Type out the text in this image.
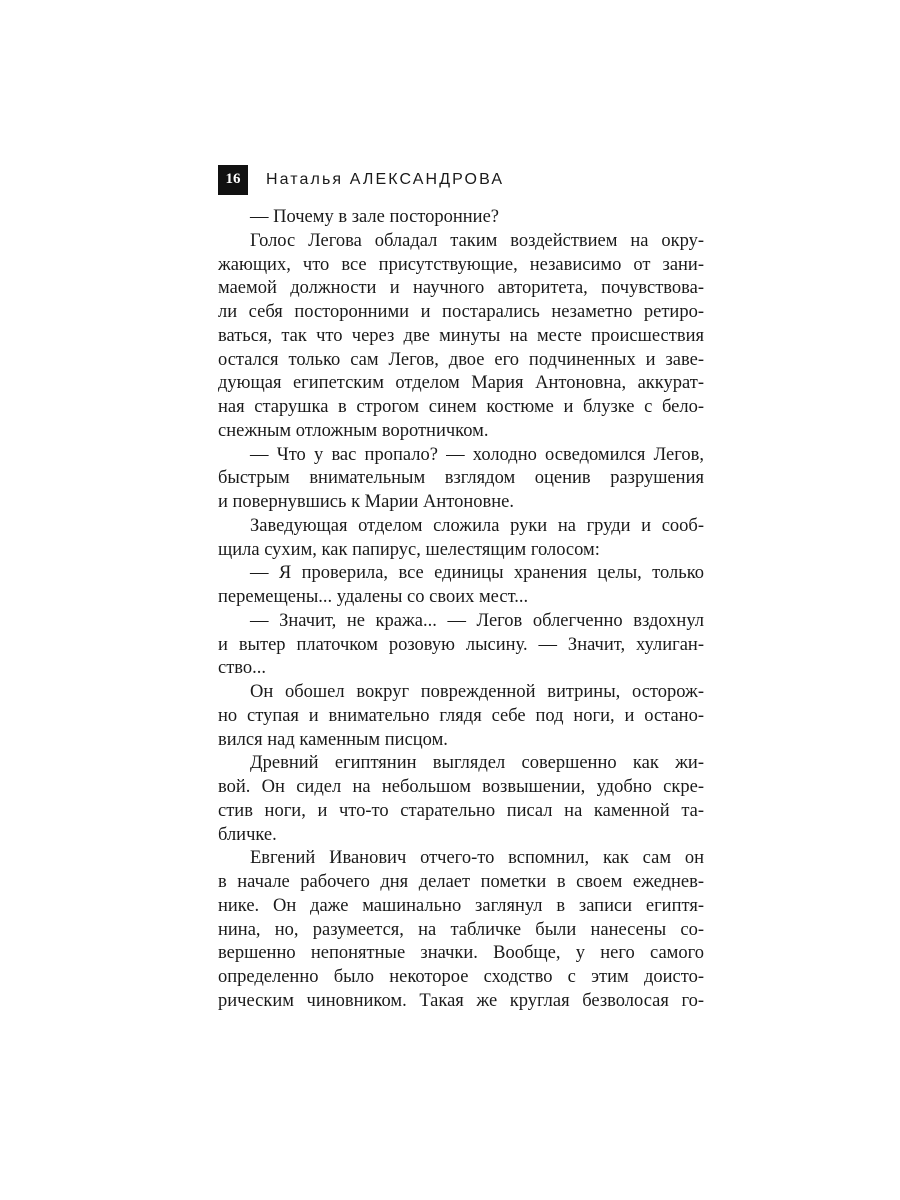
16	Наталья АЛЕКСАНДРОВА
— Почему в зале посторонние?
Голос Легова обладал таким воздействием на окру-
жающих, что все присутствующие, независимо от зани-
маемой должности и научного авторитета, почувствова-
ли себя посторонними и постарались незаметно ретиро-
ваться, так что через две минуты на месте происшествия
остался только сам Легов, двое его подчиненных и заве-
дующая египетским отделом Мария Антоновна, аккурат-
ная старушка в строгом синем костюме и блузке с бело-
снежным отложным воротничком.
— Что у вас пропало? — холодно осведомился Легов,
быстрым внимательным взглядом оценив разрушения
и повернувшись к Марии Антоновне.
Заведующая отделом сложила руки на груди и сооб-
щила сухим, как папирус, шелестящим голосом:
— Я проверила, все единицы хранения целы, только
перемещены... удалены со своих мест...
— Значит, не кража... — Легов облегченно вздохнул
и вытер платочком розовую лысину. — Значит, хулиган-
ство...
Он обошел вокруг поврежденной витрины, осторож-
но ступая и внимательно глядя себе под ноги, и остано-
вился над каменным писцом.
Древний египтянин выглядел совершенно как жи-
вой. Он сидел на небольшом возвышении, удобно скре-
стив ноги, и что-то старательно писал на каменной та-
бличке.
Евгений Иванович отчего-то вспомнил, как сам он
в начале рабочего дня делает пометки в своем ежеднев-
нике. Он даже машинально заглянул в записи египтя-
нина, но, разумеется, на табличке были нанесены со-
вершенно непонятные значки. Вообще, у него самого
определенно было некоторое сходство с этим доисто-
рическим чиновником. Такая же круглая безволосая го-
